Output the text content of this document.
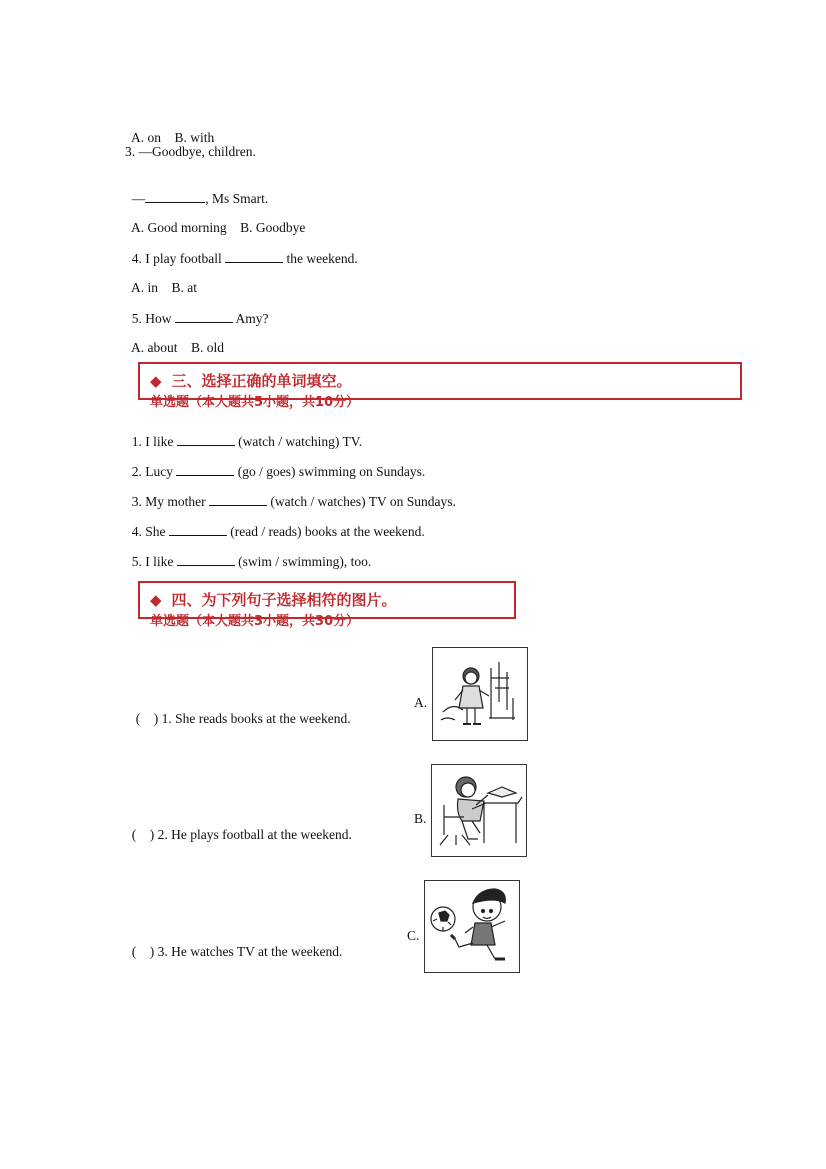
A. on B. with

3. —Goodbye, children.

—	, Ms Smart.

A. Good morning B. Goodbye

4. I play football	the weekend.

A. in B. at

5. How	Amy?

A. about B. old

◆ 三、选择正确的单词填空。
单选题（本大题共5小题，共10分）

1. I like	(watch / watching) TV.

2. Lucy	(go / goes) swimming on Sundays.

3. My mother	(watch / watches) TV on Sundays.

4. She	(read / reads) books at the weekend.

5. I like	(swim / swimming), too.

◆ 四、为下列句子选择相符的图片。
单选题（本大题共3小题，共30分）

(    ) 1. She reads books at the weekend.

A.

(    ) 2. He plays football at the weekend.

B.

(    ) 3. He watches TV at the weekend.

C.
